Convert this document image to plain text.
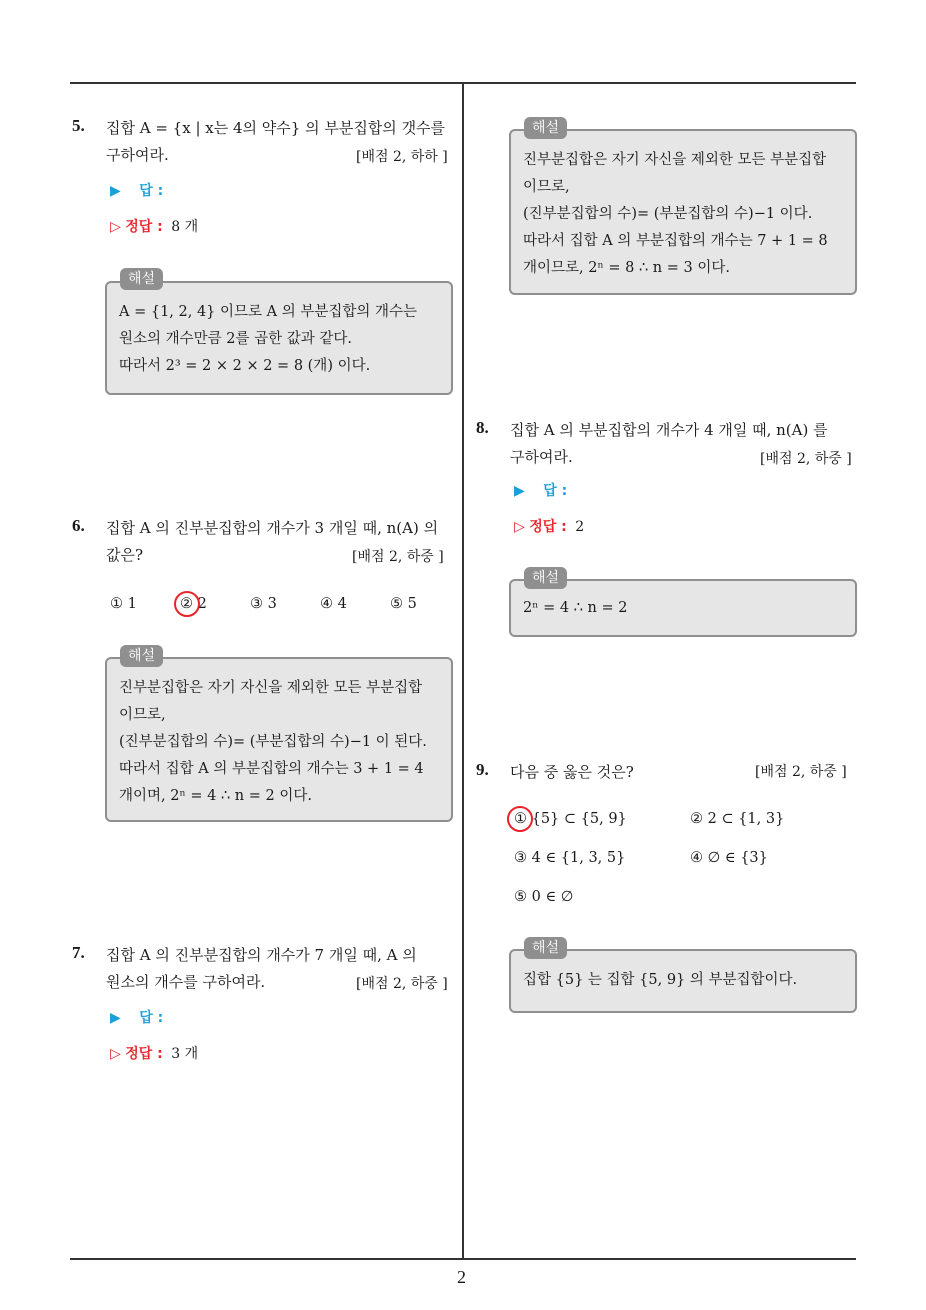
5. 집합 A = {x | x는 4의 약수} 의 부분집합의 갯수를
구하여라.	[배점 2, 하하 ]
▶ 답 :
▷ 정답 : 8 개
A = {1, 2, 4} 이므로 A 의 부분집합의 개수는
원소의 개수만큼 2를 곱한 값과 같다.
따라서 2³ = 2 × 2 × 2 = 8 (개) 이다.
해설
6. 집합 A 의 진부분집합의 개수가 3 개일 때, n(A) 의
값은?	[배점 2, 하중 ]
① 1	② 2	③ 3	④ 4	⑤ 5
진부분집합은 자기 자신을 제외한 모든 부분집합
이므로,
(진부분집합의 수)= (부분집합의 수)−1 이 된다.
따라서 집합 A 의 부분집합의 개수는 3 + 1 = 4
개이며, 2ⁿ = 4 ∴ n = 2 이다.
해설
7. 집합 A 의 진부분집합의 개수가 7 개일 때, A 의
원소의 개수를 구하여라.	[배점 2, 하중 ]
▶ 답 :
▷ 정답 : 3 개
진부분집합은 자기 자신을 제외한 모든 부분집합
이므로,
(진부분집합의 수)= (부분집합의 수)−1 이다.
따라서 집합 A 의 부분집합의 개수는 7 + 1 = 8
개이므로, 2ⁿ = 8 ∴ n = 3 이다.
해설
8. 집합 A 의 부분집합의 개수가 4 개일 때, n(A) 를
구하여라.	[배점 2, 하중 ]
▶ 답 :
▷ 정답 : 2
2ⁿ = 4 ∴ n = 2
해설
9. 다음 중 옳은 것은?	[배점 2, 하중 ]
① {5} ⊂ {5, 9}	② 2 ⊂ {1, 3}
③ 4 ∈ {1, 3, 5}	④ ∅ ∈ {3}
⑤ 0 ∈ ∅
집합 {5} 는 집합 {5, 9} 의 부분집합이다.
해설
2
